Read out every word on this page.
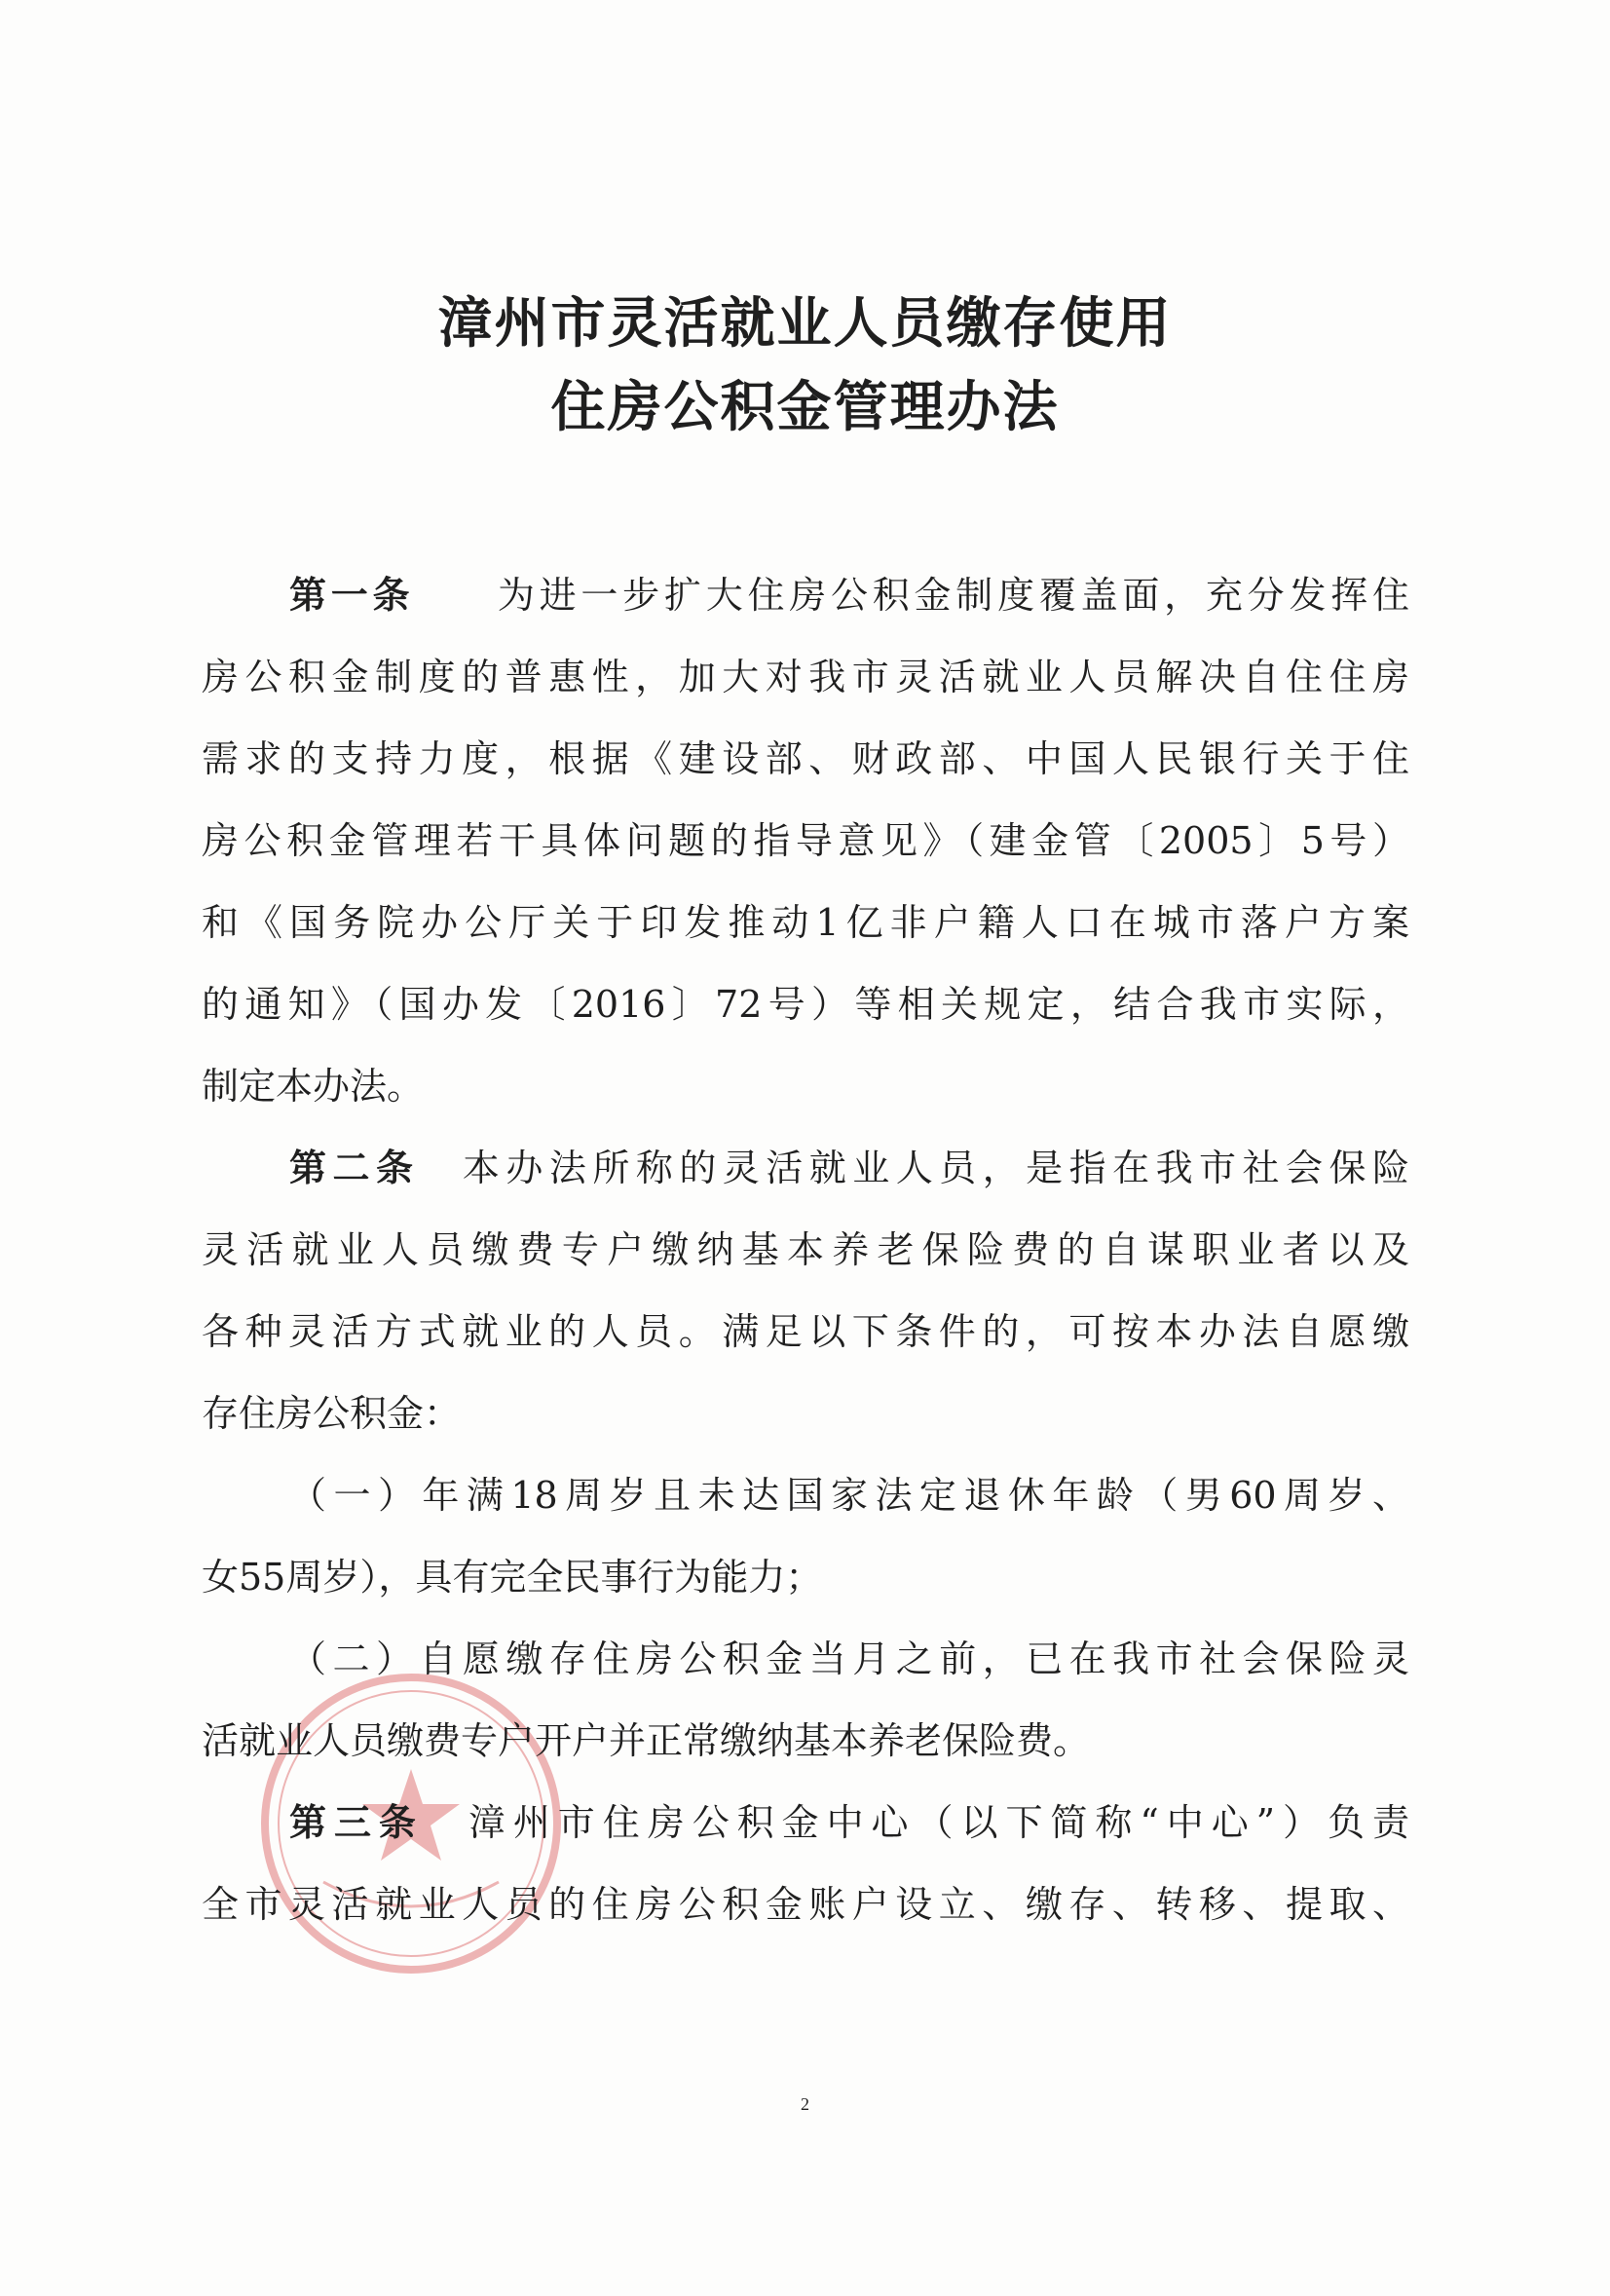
漳州市灵活就业人员缴存使用
住房公积金管理办法
第一条　　 为进一步扩大住房公积金制度覆盖面，充分发挥住
房公积金制度的普惠性，加大对我市灵活就业人员解决自住住房
需求的支持力度，根据《建设部、财政部、中国人民银行关于住
房公积金管理若干具体问题的指导意见》（建金管〔2005〕5号）
和《国务院办公厅关于印发推动1亿非户籍人口在城市落户方案
的通知》（国办发〔2016〕72号）等相关规定，结合我市实际，
制定本办法。
第二条　 本办法所称的灵活就业人员，是指在我市社会保险
灵活就业人员缴费专户缴纳基本养老保险费的自谋职业者以及
各种灵活方式就业的人员。满足以下条件的，可按本办法自愿缴
存住房公积金：
（一）年满18周岁且未达国家法定退休年龄（男60周岁、
女55周岁），具有完全民事行为能力；
（二）自愿缴存住房公积金当月之前，已在我市社会保险灵
活就业人员缴费专户开户并正常缴纳基本养老保险费。
第三条　 漳州市住房公积金中心（以下简称“中心”）负责
全市灵活就业人员的住房公积金账户设立、缴存、转移、提取、
2
